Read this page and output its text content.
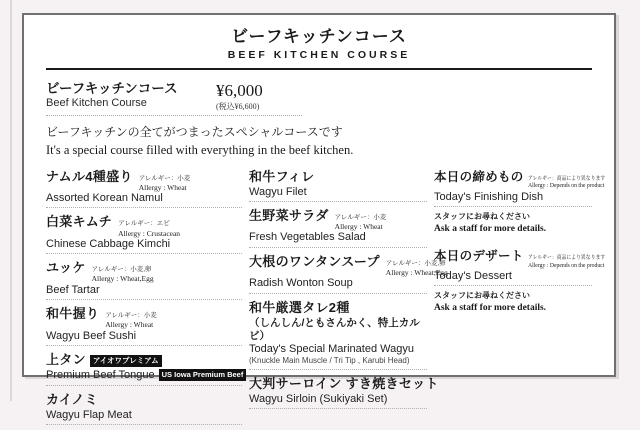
ビーフキッチンコース
BEEF KITCHEN COURSE
ビーフキッチンコース
Beef Kitchen Course
¥6,000
(税込¥6,600)
ビーフキッチンの全てがつまったスペシャルコースです
It's a special course filled with everything in the beef kitchen.
ナムル4種盛り アレルギー：小麦
Allergy : Wheat
Assorted Korean Namul
白菜キムチ アレルギー：エビ
Allergy : Crustacean
Chinese Cabbage Kimchi
ユッケ アレルギー：小麦,卵
Allergy : Wheat,Egg
Beef Tartar
和牛握り アレルギー：小麦
Allergy : Wheat
Wagyu Beef Sushi
上タン アイオワプレミアム
Premium Beef Tongue US Iowa Premium Beef
カイノミ
Wagyu Flap Meat
和牛フィレ
Wagyu Filet
生野菜サラダ アレルギー：小麦
Allergy : Wheat
Fresh Vegetables Salad
大根のワンタンスープ アレルギー：小麦,卵
Allergy : Wheat,Egg
Radish Wonton Soup
和牛厳選タレ2種
（しんしん/ともさんかく、特上カルビ）
Today's Special Marinated Wagyu
(Knuckle Main Muscle / Tri Tip , Karubi Head)
大判サーロイン すき焼きセット
Wagyu Sirloin (Sukiyaki Set)
本日の締めもの アレルギー：商品により異なります
Allergy : Depends on the product
Today's Finishing Dish
スタッフにお尋ねください
Ask a staff for more details.
本日のデザート アレルギー：商品により異なります
Allergy : Depends on the product
Today's Dessert
スタッフにお尋ねください
Ask a staff for more details.
